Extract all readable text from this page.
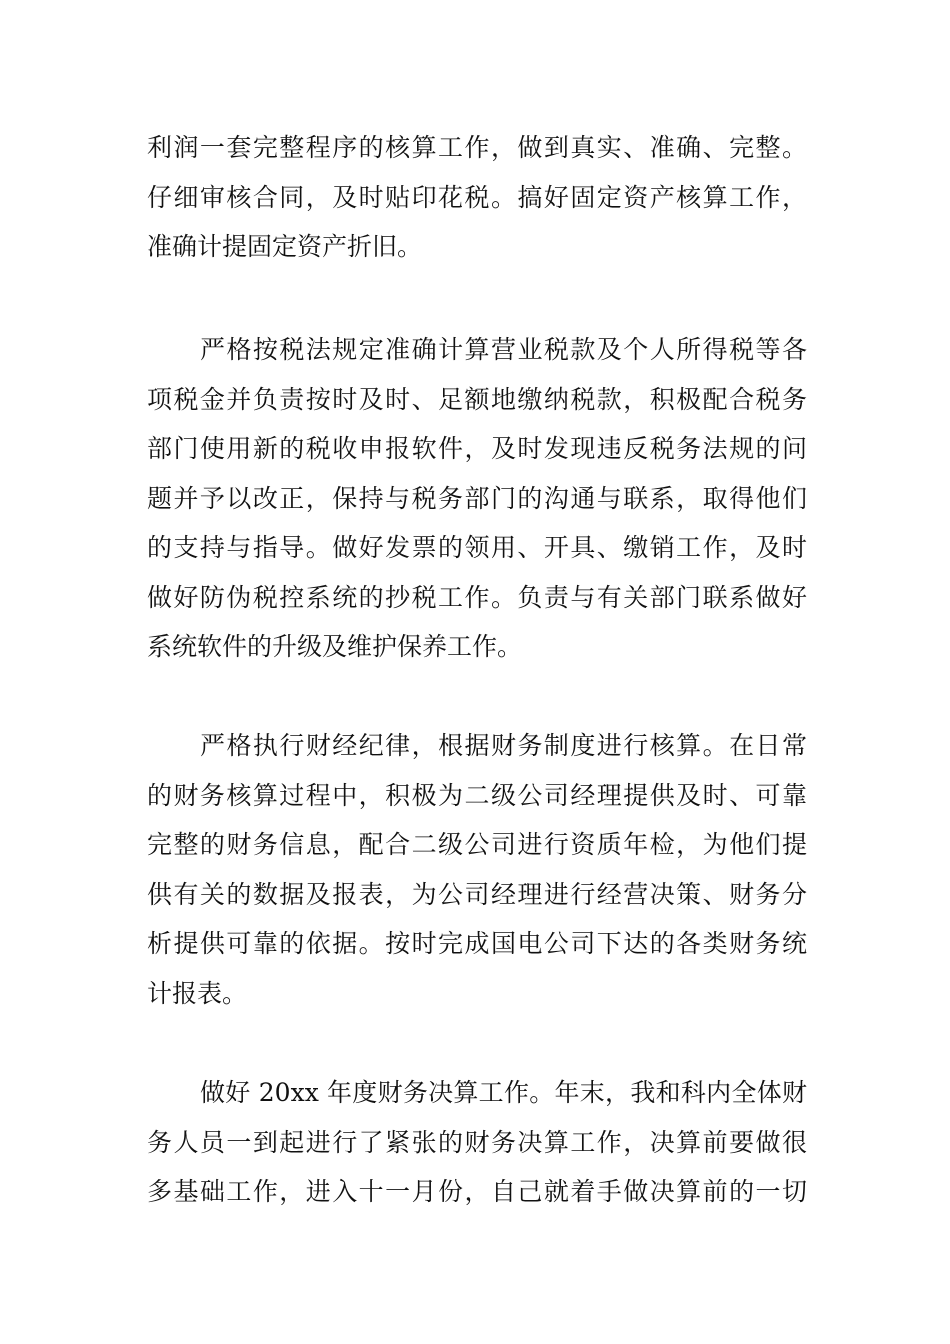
利润一套完整程序的核算工作，做到真实、准确、完整。
仔细审核合同，及时贴印花税。搞好固定资产核算工作，
准确计提固定资产折旧。
严格按税法规定准确计算营业税款及个人所得税等各
项税金并负责按时及时、足额地缴纳税款，积极配合税务
部门使用新的税收申报软件，及时发现违反税务法规的问
题并予以改正，保持与税务部门的沟通与联系，取得他们
的支持与指导。做好发票的领用、开具、缴销工作，及时
做好防伪税控系统的抄税工作。负责与有关部门联系做好
系统软件的升级及维护保养工作。
严格执行财经纪律，根据财务制度进行核算。在日常
的财务核算过程中，积极为二级公司经理提供及时、可靠
完整的财务信息，配合二级公司进行资质年检，为他们提
供有关的数据及报表，为公司经理进行经营决策、财务分
析提供可靠的依据。按时完成国电公司下达的各类财务统
计报表。
做好 20xx 年度财务决算工作。年末，我和科内全体财
务人员一到起进行了紧张的财务决算工作，决算前要做很
多基础工作，进入十一月份，自己就着手做决算前的一切
